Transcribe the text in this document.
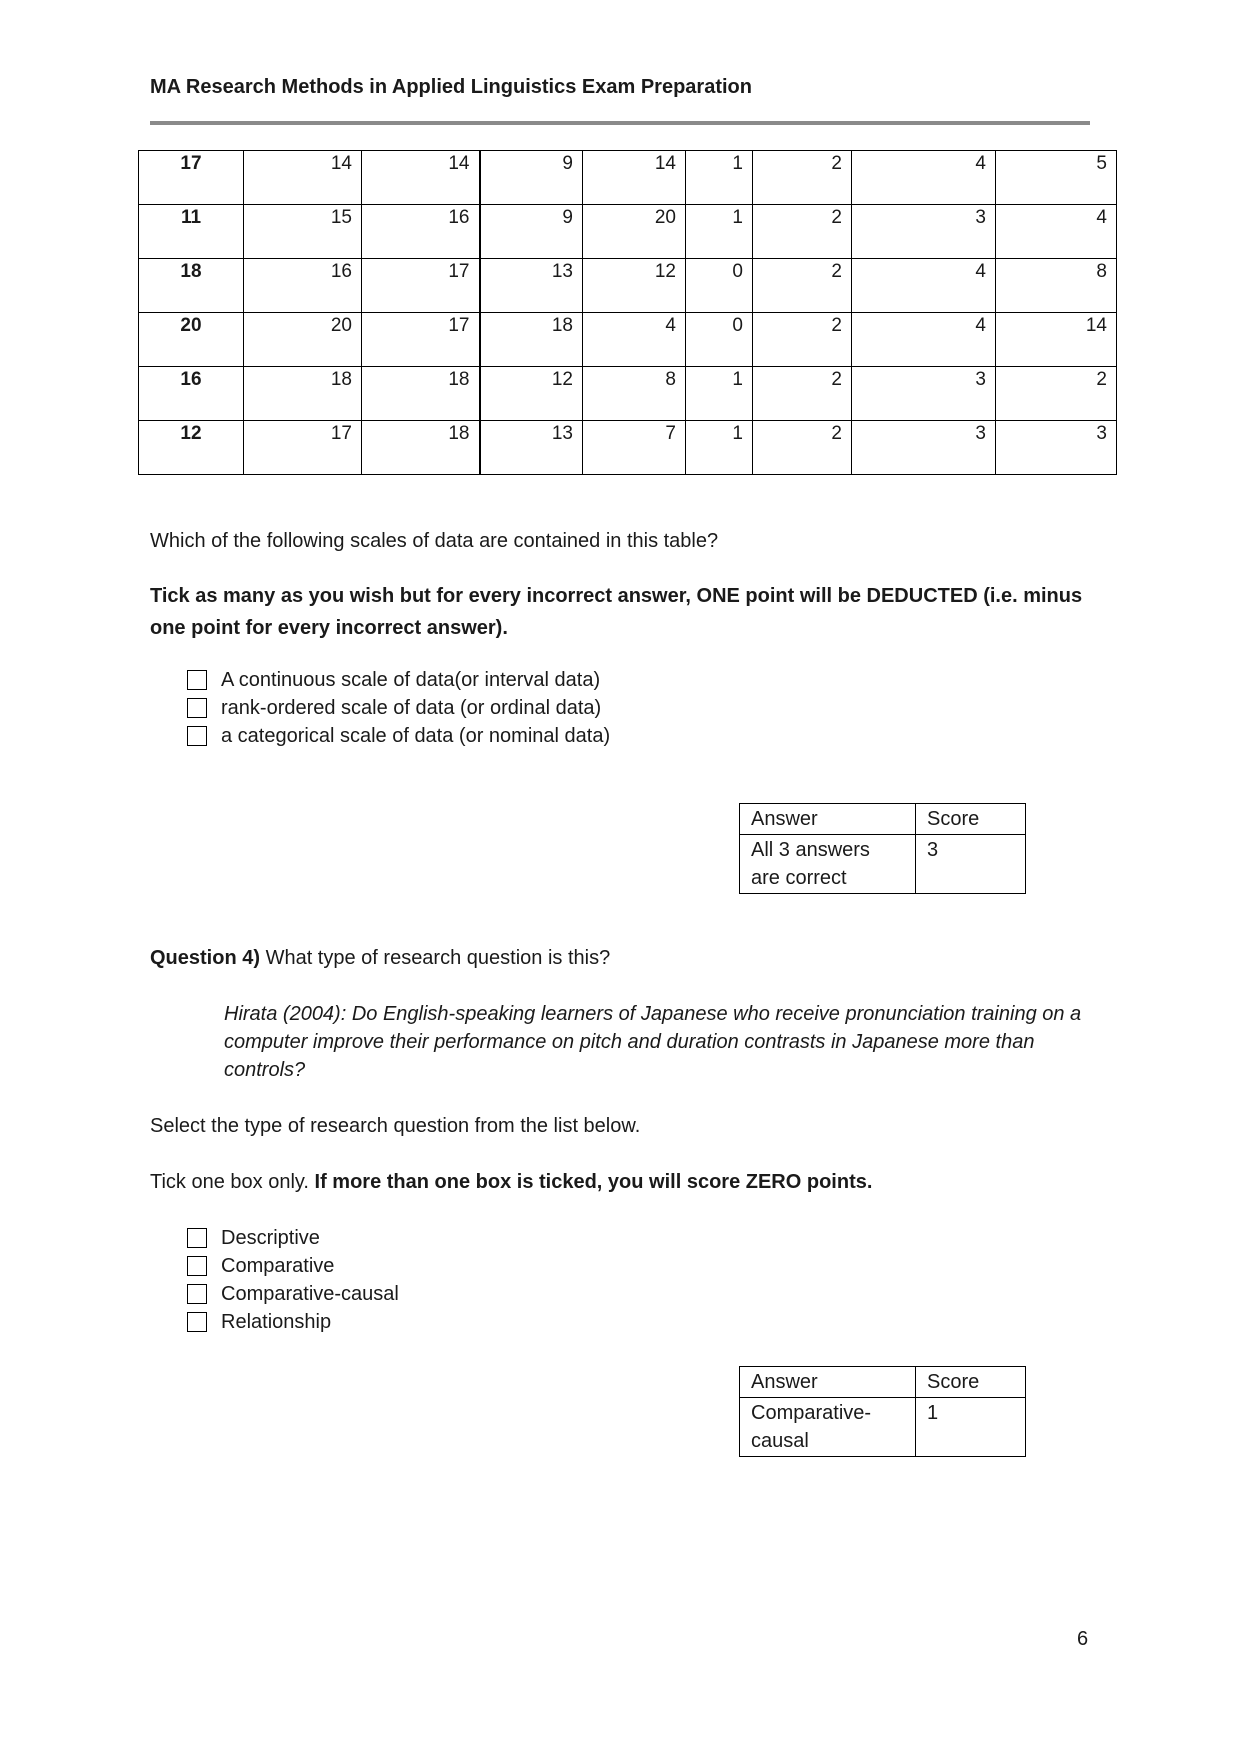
MA Research Methods in Applied Linguistics Exam Preparation
17	14	14	9	14	1	2	4	5
11	15	16	9	20	1	2	3	4
18	16	17	13	12	0	2	4	8
20	20	17	18	4	0	2	4	14
16	18	18	12	8	1	2	3	2
12	17	18	13	7	1	2	3	3
Which of the following scales of data are contained in this table?
Tick as many as you wish but for every incorrect answer, ONE point will be DEDUCTED (i.e. minus one point for every incorrect answer).
A continuous scale of data(or interval data)
rank-ordered scale of data (or ordinal data)
a categorical scale of data (or nominal data)
Answer	Score
All 3 answers are correct	3
Question 4) What type of research question is this?
Hirata (2004): Do English-speaking learners of Japanese who receive pronunciation training on a computer improve their performance on pitch and duration contrasts in Japanese more than controls?
Select the type of research question from the list below.
Tick one box only. If more than one box is ticked, you will score ZERO points.
Descriptive
Comparative
Comparative-causal
Relationship
Answer	Score
Comparative-causal	1
6
